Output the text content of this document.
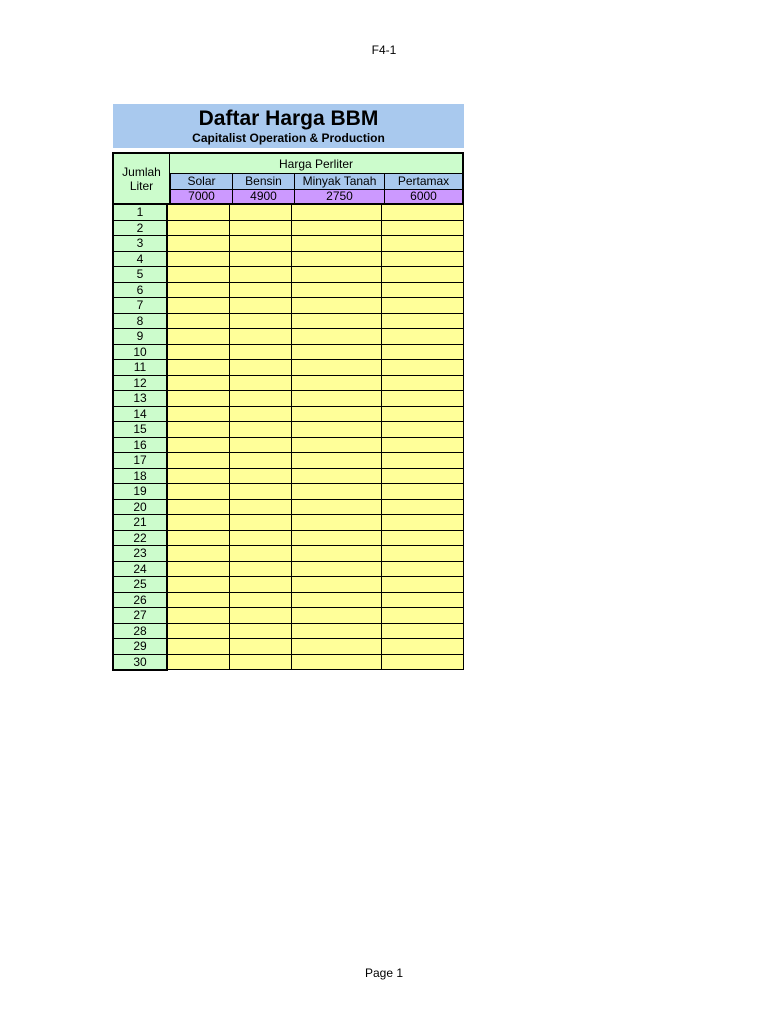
F4-1
Daftar Harga BBM
Capitalist Operation & Production
Jumlah
Liter
Harga Perliter
Solar	Bensin	Minyak Tanah	Pertamax
7000	4900	2750	6000
1
2
3
4
5
6
7
8
9
10
11
12
13
14
15
16
17
18
19
20
21
22
23
24
25
26
27
28
29
30
Page 1
